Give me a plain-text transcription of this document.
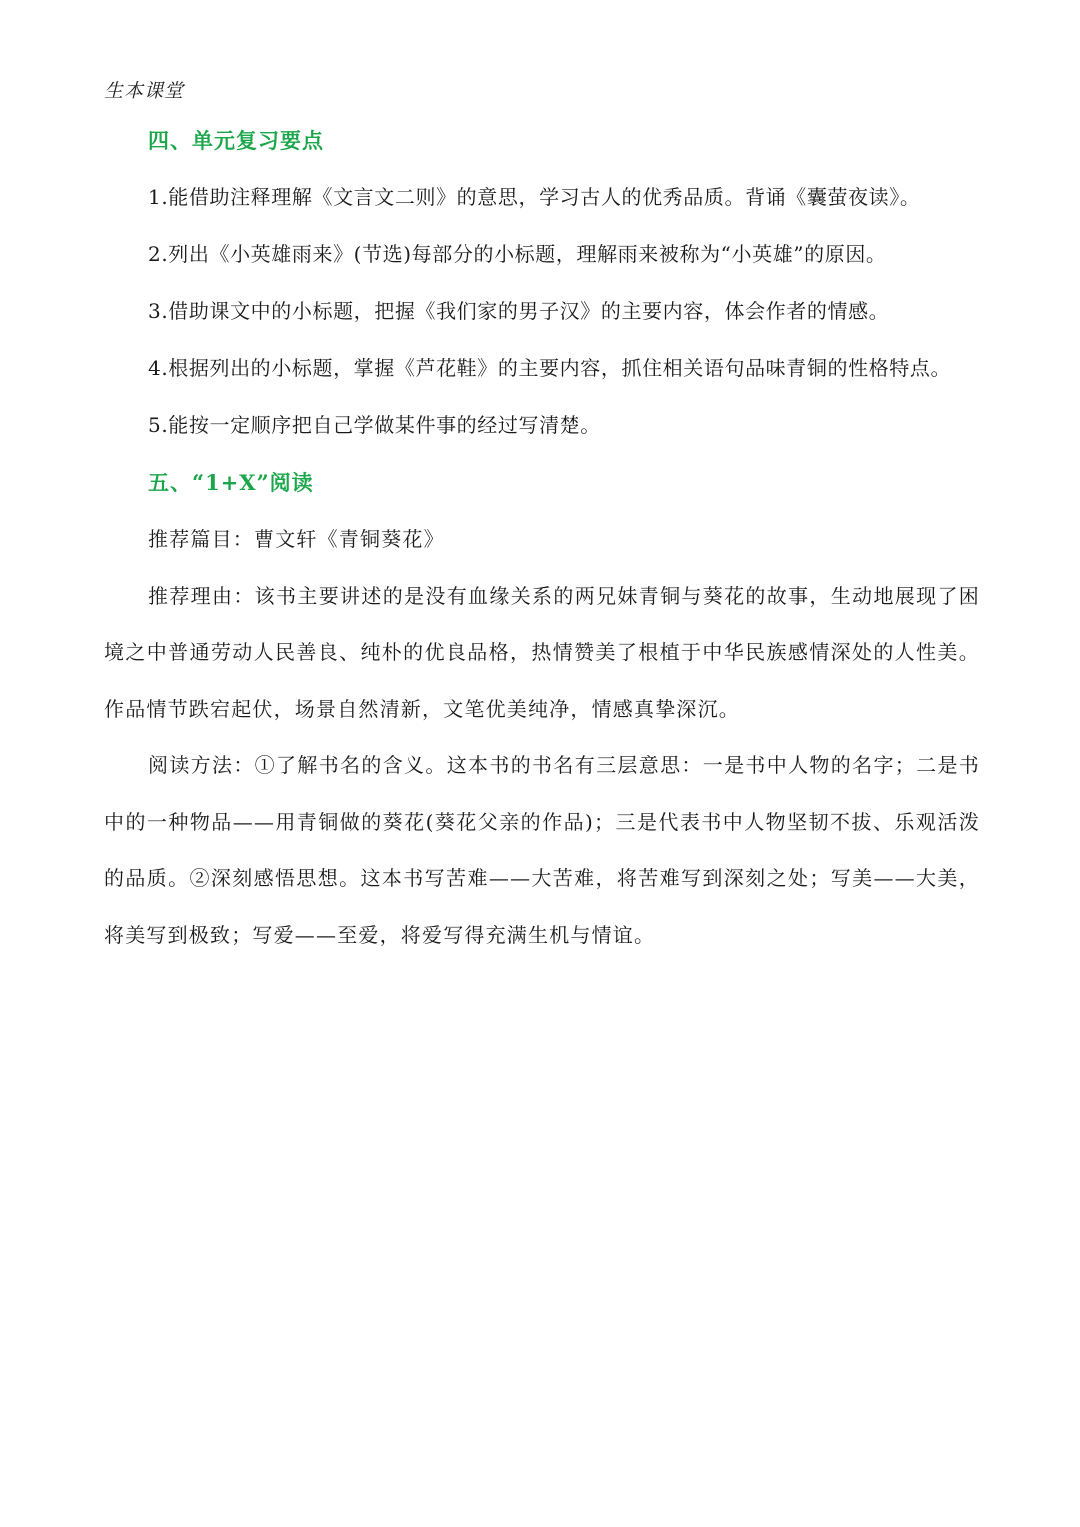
生本课堂
四、单元复习要点
1.能借助注释理解《文言文二则》的意思，学习古人的优秀品质。背诵《囊萤夜读》。
2.列出《小英雄雨来》(节选)每部分的小标题，理解雨来被称为“小英雄”的原因。
3.借助课文中的小标题，把握《我们家的男子汉》的主要内容，体会作者的情感。
4.根据列出的小标题，掌握《芦花鞋》的主要内容，抓住相关语句品味青铜的性格特点。
5.能按一定顺序把自己学做某件事的经过写清楚。
五、“1+X”阅读

推荐篇目：曹文轩《青铜葵花》

推荐理由：该书主要讲述的是没有血缘关系的两兄妹青铜与葵花的故事，生动地展现了困境之中普通劳动人民善良、纯朴的优良品格，热情赞美了根植于中华民族感情深处的人性美。作品情节跌宕起伏，场景自然清新，文笔优美纯净，情感真挚深沉。

阅读方法：①了解书名的含义。这本书的书名有三层意思：一是书中人物的名字；二是书中的一种物品——用青铜做的葵花(葵花父亲的作品)；三是代表书中人物坚韧不拔、乐观活泼的品质。②深刻感悟思想。这本书写苦难——大苦难，将苦难写到深刻之处；写美——大美，将美写到极致；写爱——至爱，将爱写得充满生机与情谊。
